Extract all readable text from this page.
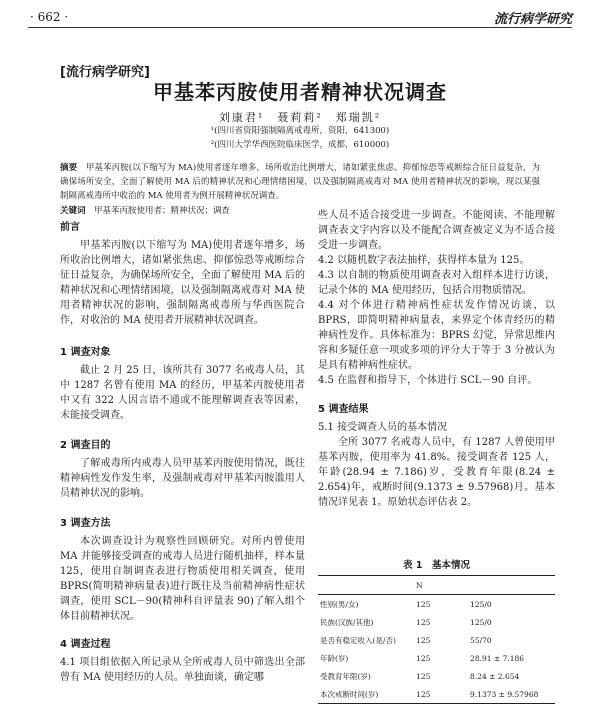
· 662 ·	流行病学研究
[流行病学研究]
甲基苯丙胺使用者精神状况调查
刘康君¹　聂莉莉²　郑瑞凯²
¹(四川省资阳强制隔离戒毒所，资阳，641300)
²(四川大学华西医院临床医学，成都，610000)
摘要　 甲基苯丙胺(以下缩写为 MA)使用者逐年增多，场所收治比例增大，诸如紧张焦虑、抑郁惊恐等戒断综合征日益复杂，为确保场所安全，全面了解使用 MA 后的精神状况和心理情绪困境，以及强制隔离戒毒对 MA 使用者精神状况的影响，现以某强制隔离戒毒所中收治的 MA 使用者为例开展精神状况调查。
关键词　 甲基苯丙胺使用者；精神状况；调查
前言

甲基苯丙胺(以下缩写为 MA)使用者逐年增多，场所收治比例增大，诸如紧张焦虑、抑郁惊恐等戒断综合征日益复杂，为确保场所安全，全面了解使用 MA 后的精神状况和心理情绪困境，以及强制隔离戒毒对 MA 使用者精神状况的影响，强制隔离戒毒所与华西医院合作，对收治的 MA 使用者开展精神状况调查。

1 调查对象

截止 2 月 25 日，该所共有 3077 名戒毒人员，其中 1287 名曾有使用 MA 的经历，甲基苯丙胺使用者中又有 322 人因言语不通或不能理解调查表等因素，未能接受调查。

2 调查目的

了解戒毒所内戒毒人员甲基苯丙胺使用情况，既往精神病性发作发生率，及强制戒毒对甲基苯丙胺滥用人员精神状况的影响。

3 调查方法

本次调查设计为观察性回顾研究。对所内曾使用 MA 并能够接受调查的戒毒人员进行随机抽样，样本量 125，使用自制调查表进行物质使用相关调查，使用 BPRS(简明精神病量表)进行既往及当前精神病性症状调查，使用 SCL－90(精神科自评量表 90)了解入组个体目前精神状况。

4 调查过程

4.1 项目组依据入所记录从全所戒毒人员中筛选出全部曾有 MA 使用经历的人员。单独面谈，确定哪

些人员不适合接受进一步调查。不能阅读、不能理解调查表文字内容以及不能配合调查被定义为不适合接受进一步调查。

4.2 以随机数字表法抽样，获得样本量为 125。

4.3 以自制的物质使用调查表对入组样本进行访谈，记录个体的 MA 使用经历，包括合用物质情况。

4.4 对个体进行精神病性症状发作情况访谈，以 BPRS，即简明精神病量表，来界定个体青经历的精神病性发作。具体标准为：BPRS 幻觉，异常思维内容和多疑任意一项或多项的评分大于等于 3 分被认为是具有精神病性症状。

4.5 在监督和指导下，个体进行 SCL－90 自评。

5 调查结果

5.1 接受调查人员的基本情况

全所 3077 名戒毒人员中，有 1287 人曾使用甲基苯丙胺，使用率为 41.8%。接受调查者 125 人，年龄(28.94 ± 7.186)岁，受教育年限(8.24 ± 2.654)年，戒断时间(9.1373 ± 9.57968)月。基本情况详见表 1。原始状态评估表 2。

表 1　基本情况
	N	
性别(男/女)	125	125/0
民族(汉族/其他)	125	125/0
是否有稳定收入(是/否)	125	55/70
年龄(岁)	125	28.91 ± 7.186
受教育年限(岁)	125	8.24 ± 2.654
本次戒断时间(岁)	125	9.1373 ± 9.57968
